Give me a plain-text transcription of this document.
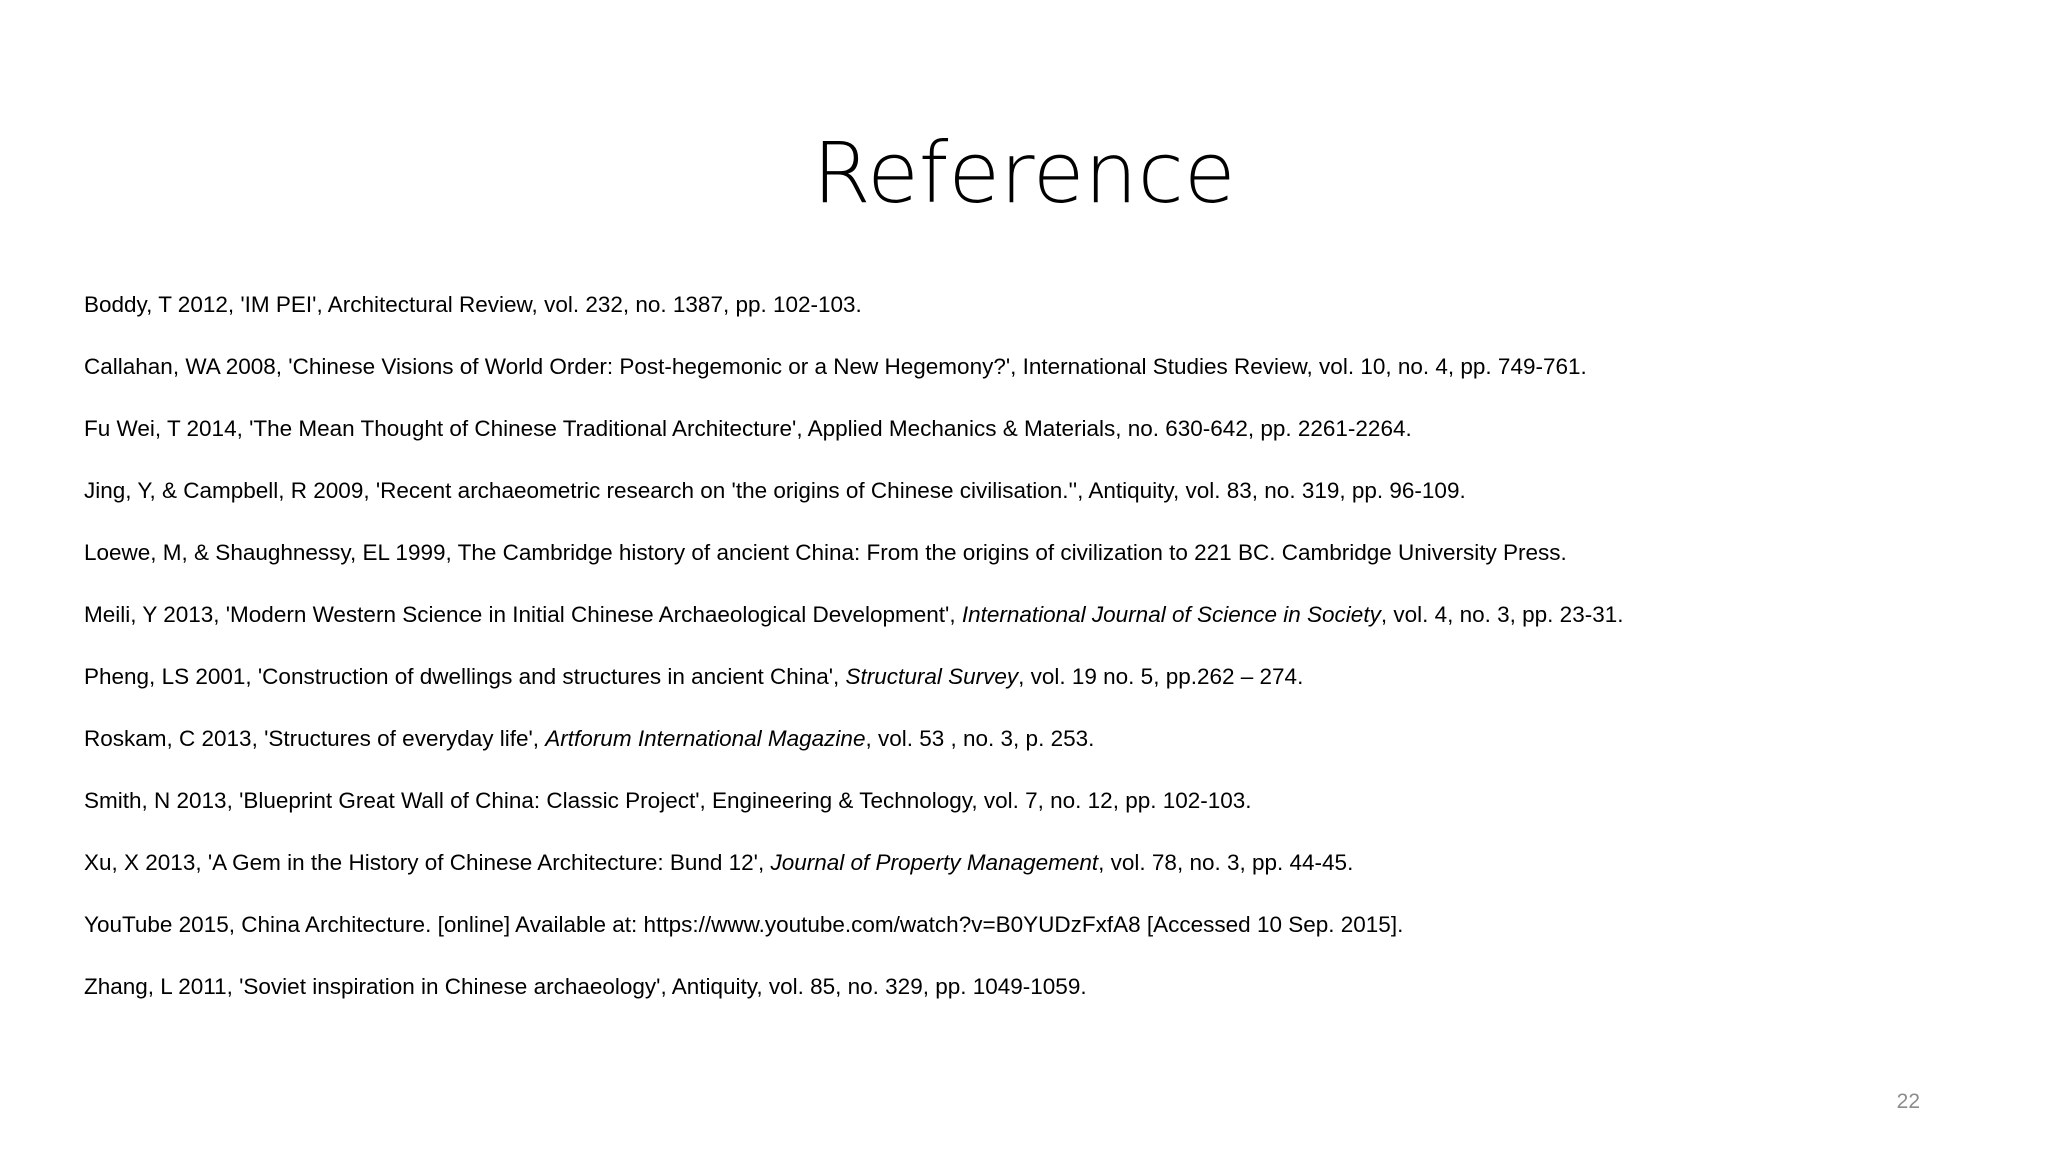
Reference
Boddy, T 2012, 'IM PEI', Architectural Review, vol. 232, no. 1387, pp. 102-103.
Callahan, WA 2008, 'Chinese Visions of World Order: Post-hegemonic or a New Hegemony?', International Studies Review, vol. 10, no. 4, pp. 749-761.
Fu Wei, T 2014, 'The Mean Thought of Chinese Traditional Architecture', Applied Mechanics & Materials, no. 630-642, pp. 2261-2264.
Jing, Y, & Campbell, R 2009, 'Recent archaeometric research on 'the origins of Chinese civilisation.'', Antiquity, vol. 83, no. 319, pp. 96-109.
Loewe, M, & Shaughnessy, EL 1999, The Cambridge history of ancient China: From the origins of civilization to 221 BC. Cambridge University Press.
Meili, Y 2013, 'Modern Western Science in Initial Chinese Archaeological Development', International Journal of Science in Society, vol. 4, no. 3, pp. 23-31.
Pheng, LS 2001, 'Construction of dwellings and structures in ancient China', Structural Survey, vol. 19 no. 5, pp.262 – 274.
Roskam, C 2013, 'Structures of everyday life', Artforum International Magazine, vol. 53 , no. 3, p. 253.
Smith, N 2013, 'Blueprint Great Wall of China: Classic Project', Engineering & Technology, vol. 7, no. 12, pp. 102-103.
Xu, X 2013, 'A Gem in the History of Chinese Architecture: Bund 12', Journal of Property Management, vol. 78, no. 3, pp. 44-45.
YouTube 2015, China Architecture. [online] Available at: https://www.youtube.com/watch?v=B0YUDzFxfA8 [Accessed 10 Sep. 2015].
Zhang, L 2011, 'Soviet inspiration in Chinese archaeology', Antiquity, vol. 85, no. 329, pp. 1049-1059.
22
